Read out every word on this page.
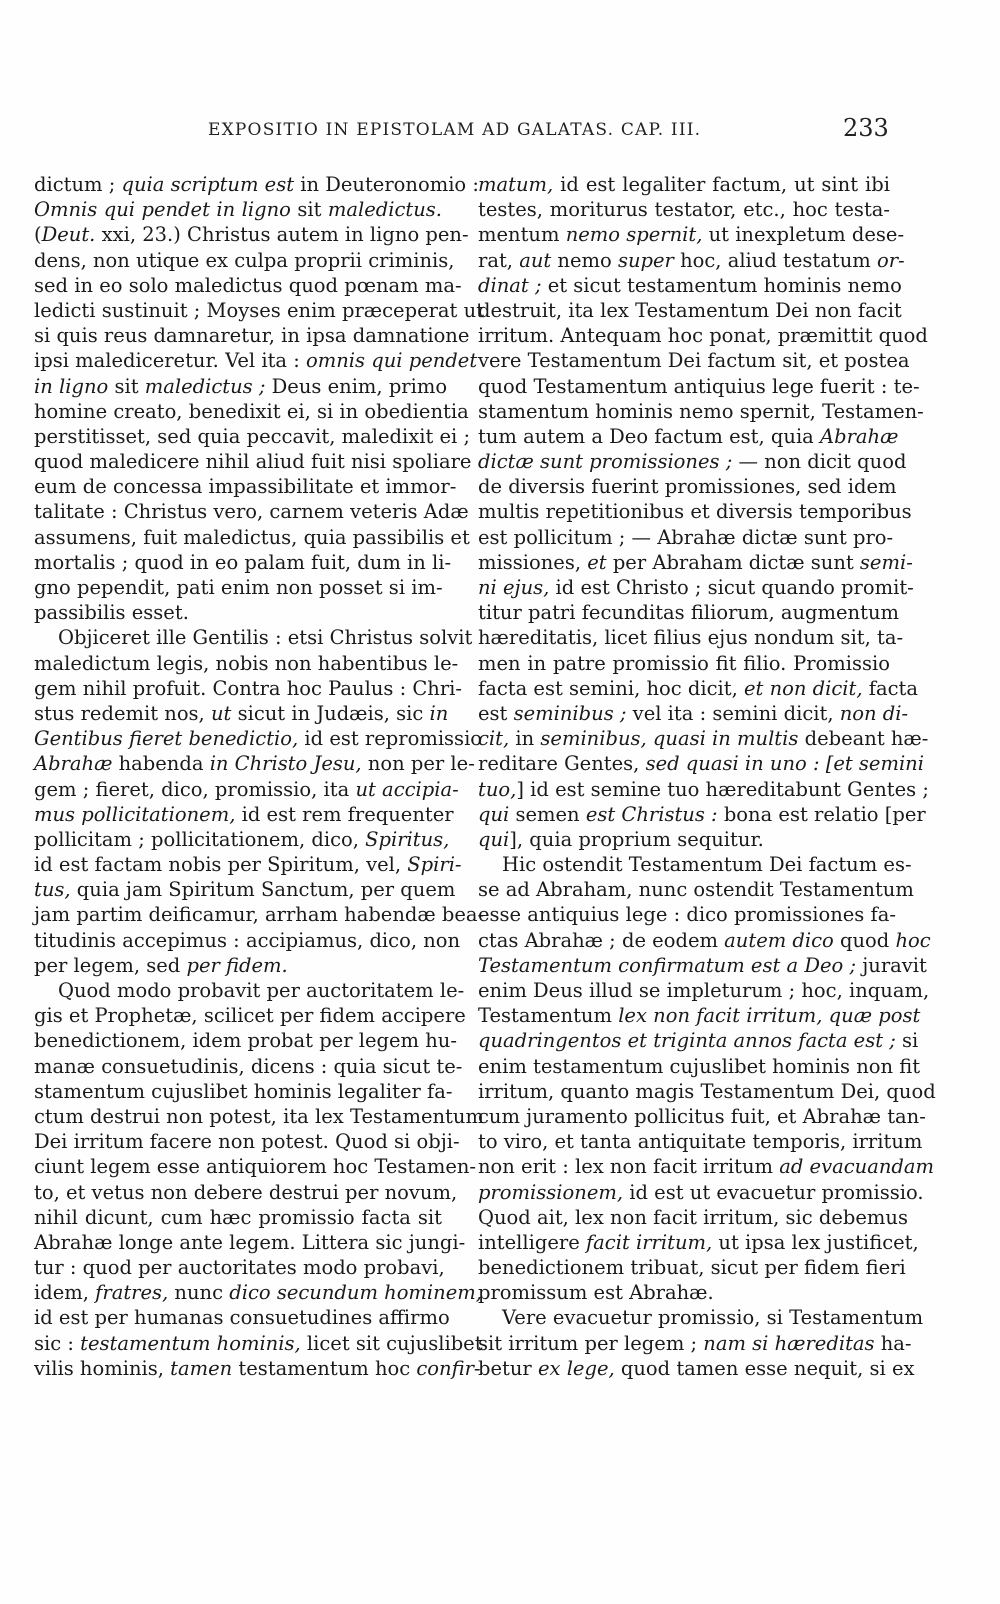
EXPOSITIO IN EPISTOLAM AD GALATAS. CAP. III.	233
dictum ; quia scriptum est in Deuteronomio :
Omnis qui pendet in ligno sit maledictus.
(Deut. xxi, 23.) Christus autem in ligno pen-
dens, non utique ex culpa proprii criminis,
sed in eo solo maledictus quod pœnam ma-
ledicti sustinuit ; Moyses enim præceperat ut
si quis reus damnaretur, in ipsa damnatione
ipsi malediceretur. Vel ita : omnis qui pendet
in ligno sit maledictus ; Deus enim, primo
homine creato, benedixit ei, si in obedientia
perstitisset, sed quia peccavit, maledixit ei ;
quod maledicere nihil aliud fuit nisi spoliare
eum de concessa impassibilitate et immor-
talitate : Christus vero, carnem veteris Adæ
assumens, fuit maledictus, quia passibilis et
mortalis ; quod in eo palam fuit, dum in li-
gno pependit, pati enim non posset si im-
passibilis esset.
Objiceret ille Gentilis : etsi Christus solvit
maledictum legis, nobis non habentibus le-
gem nihil profuit. Contra hoc Paulus : Chri-
stus redemit nos, ut sicut in Judæis, sic in
Gentibus fieret benedictio, id est repromissio
Abrahæ habenda in Christo Jesu, non per le-
gem ; fieret, dico, promissio, ita ut accipia-
mus pollicitationem, id est rem frequenter
pollicitam ; pollicitationem, dico, Spiritus,
id est factam nobis per Spiritum, vel, Spiri-
tus, quia jam Spiritum Sanctum, per quem
jam partim deificamur, arrham habendæ bea-
titudinis accepimus : accipiamus, dico, non
per legem, sed per fidem.
Quod modo probavit per auctoritatem le-
gis et Prophetæ, scilicet per fidem accipere
benedictionem, idem probat per legem hu-
manæ consuetudinis, dicens : quia sicut te-
stamentum cujuslibet hominis legaliter fa-
ctum destrui non potest, ita lex Testamentum
Dei irritum facere non potest. Quod si obji-
ciunt legem esse antiquiorem hoc Testamen-
to, et vetus non debere destrui per novum,
nihil dicunt, cum hæc promissio facta sit
Abrahæ longe ante legem. Littera sic jungi-
tur : quod per auctoritates modo probavi,
idem, fratres, nunc dico secundum hominem,
id est per humanas consuetudines affirmo
sic : testamentum hominis, licet sit cujuslibet
vilis hominis, tamen testamentum hoc confir-
matum, id est legaliter factum, ut sint ibi
testes, moriturus testator, etc., hoc testa-
mentum nemo spernit, ut inexpletum dese-
rat, aut nemo super hoc, aliud testatum or-
dinat ; et sicut testamentum hominis nemo
destruit, ita lex Testamentum Dei non facit
irritum. Antequam hoc ponat, præmittit quod
vere Testamentum Dei factum sit, et postea
quod Testamentum antiquius lege fuerit : te-
stamentum hominis nemo spernit, Testamen-
tum autem a Deo factum est, quia Abrahæ
dictæ sunt promissiones ; — non dicit quod
de diversis fuerint promissiones, sed idem
multis repetitionibus et diversis temporibus
est pollicitum ; — Abrahæ dictæ sunt pro-
missiones, et per Abraham dictæ sunt semi-
ni ejus, id est Christo ; sicut quando promit-
titur patri fecunditas filiorum, augmentum
hæreditatis, licet filius ejus nondum sit, ta-
men in patre promissio fit filio. Promissio
facta est semini, hoc dicit, et non dicit, facta
est seminibus ; vel ita : semini dicit, non di-
cit, in seminibus, quasi in multis debeant hæ-
reditare Gentes, sed quasi in uno : [et semini
tuo,] id est semine tuo hæreditabunt Gentes ;
qui semen est Christus : bona est relatio [per
qui], quia proprium sequitur.
Hic ostendit Testamentum Dei factum es-
se ad Abraham, nunc ostendit Testamentum
esse antiquius lege : dico promissiones fa-
ctas Abrahæ ; de eodem autem dico quod hoc
Testamentum confirmatum est a Deo ; juravit
enim Deus illud se impleturum ; hoc, inquam,
Testamentum lex non facit irritum, quæ post
quadringentos et triginta annos facta est ; si
enim testamentum cujuslibet hominis non fit
irritum, quanto magis Testamentum Dei, quod
cum juramento pollicitus fuit, et Abrahæ tan-
to viro, et tanta antiquitate temporis, irritum
non erit : lex non facit irritum ad evacuandam
promissionem, id est ut evacuetur promissio.
Quod ait, lex non facit irritum, sic debemus
intelligere facit irritum, ut ipsa lex justificet,
benedictionem tribuat, sicut per fidem fieri
promissum est Abrahæ.
Vere evacuetur promissio, si Testamentum
sit irritum per legem ; nam si hæreditas ha-
betur ex lege, quod tamen esse nequit, si ex
